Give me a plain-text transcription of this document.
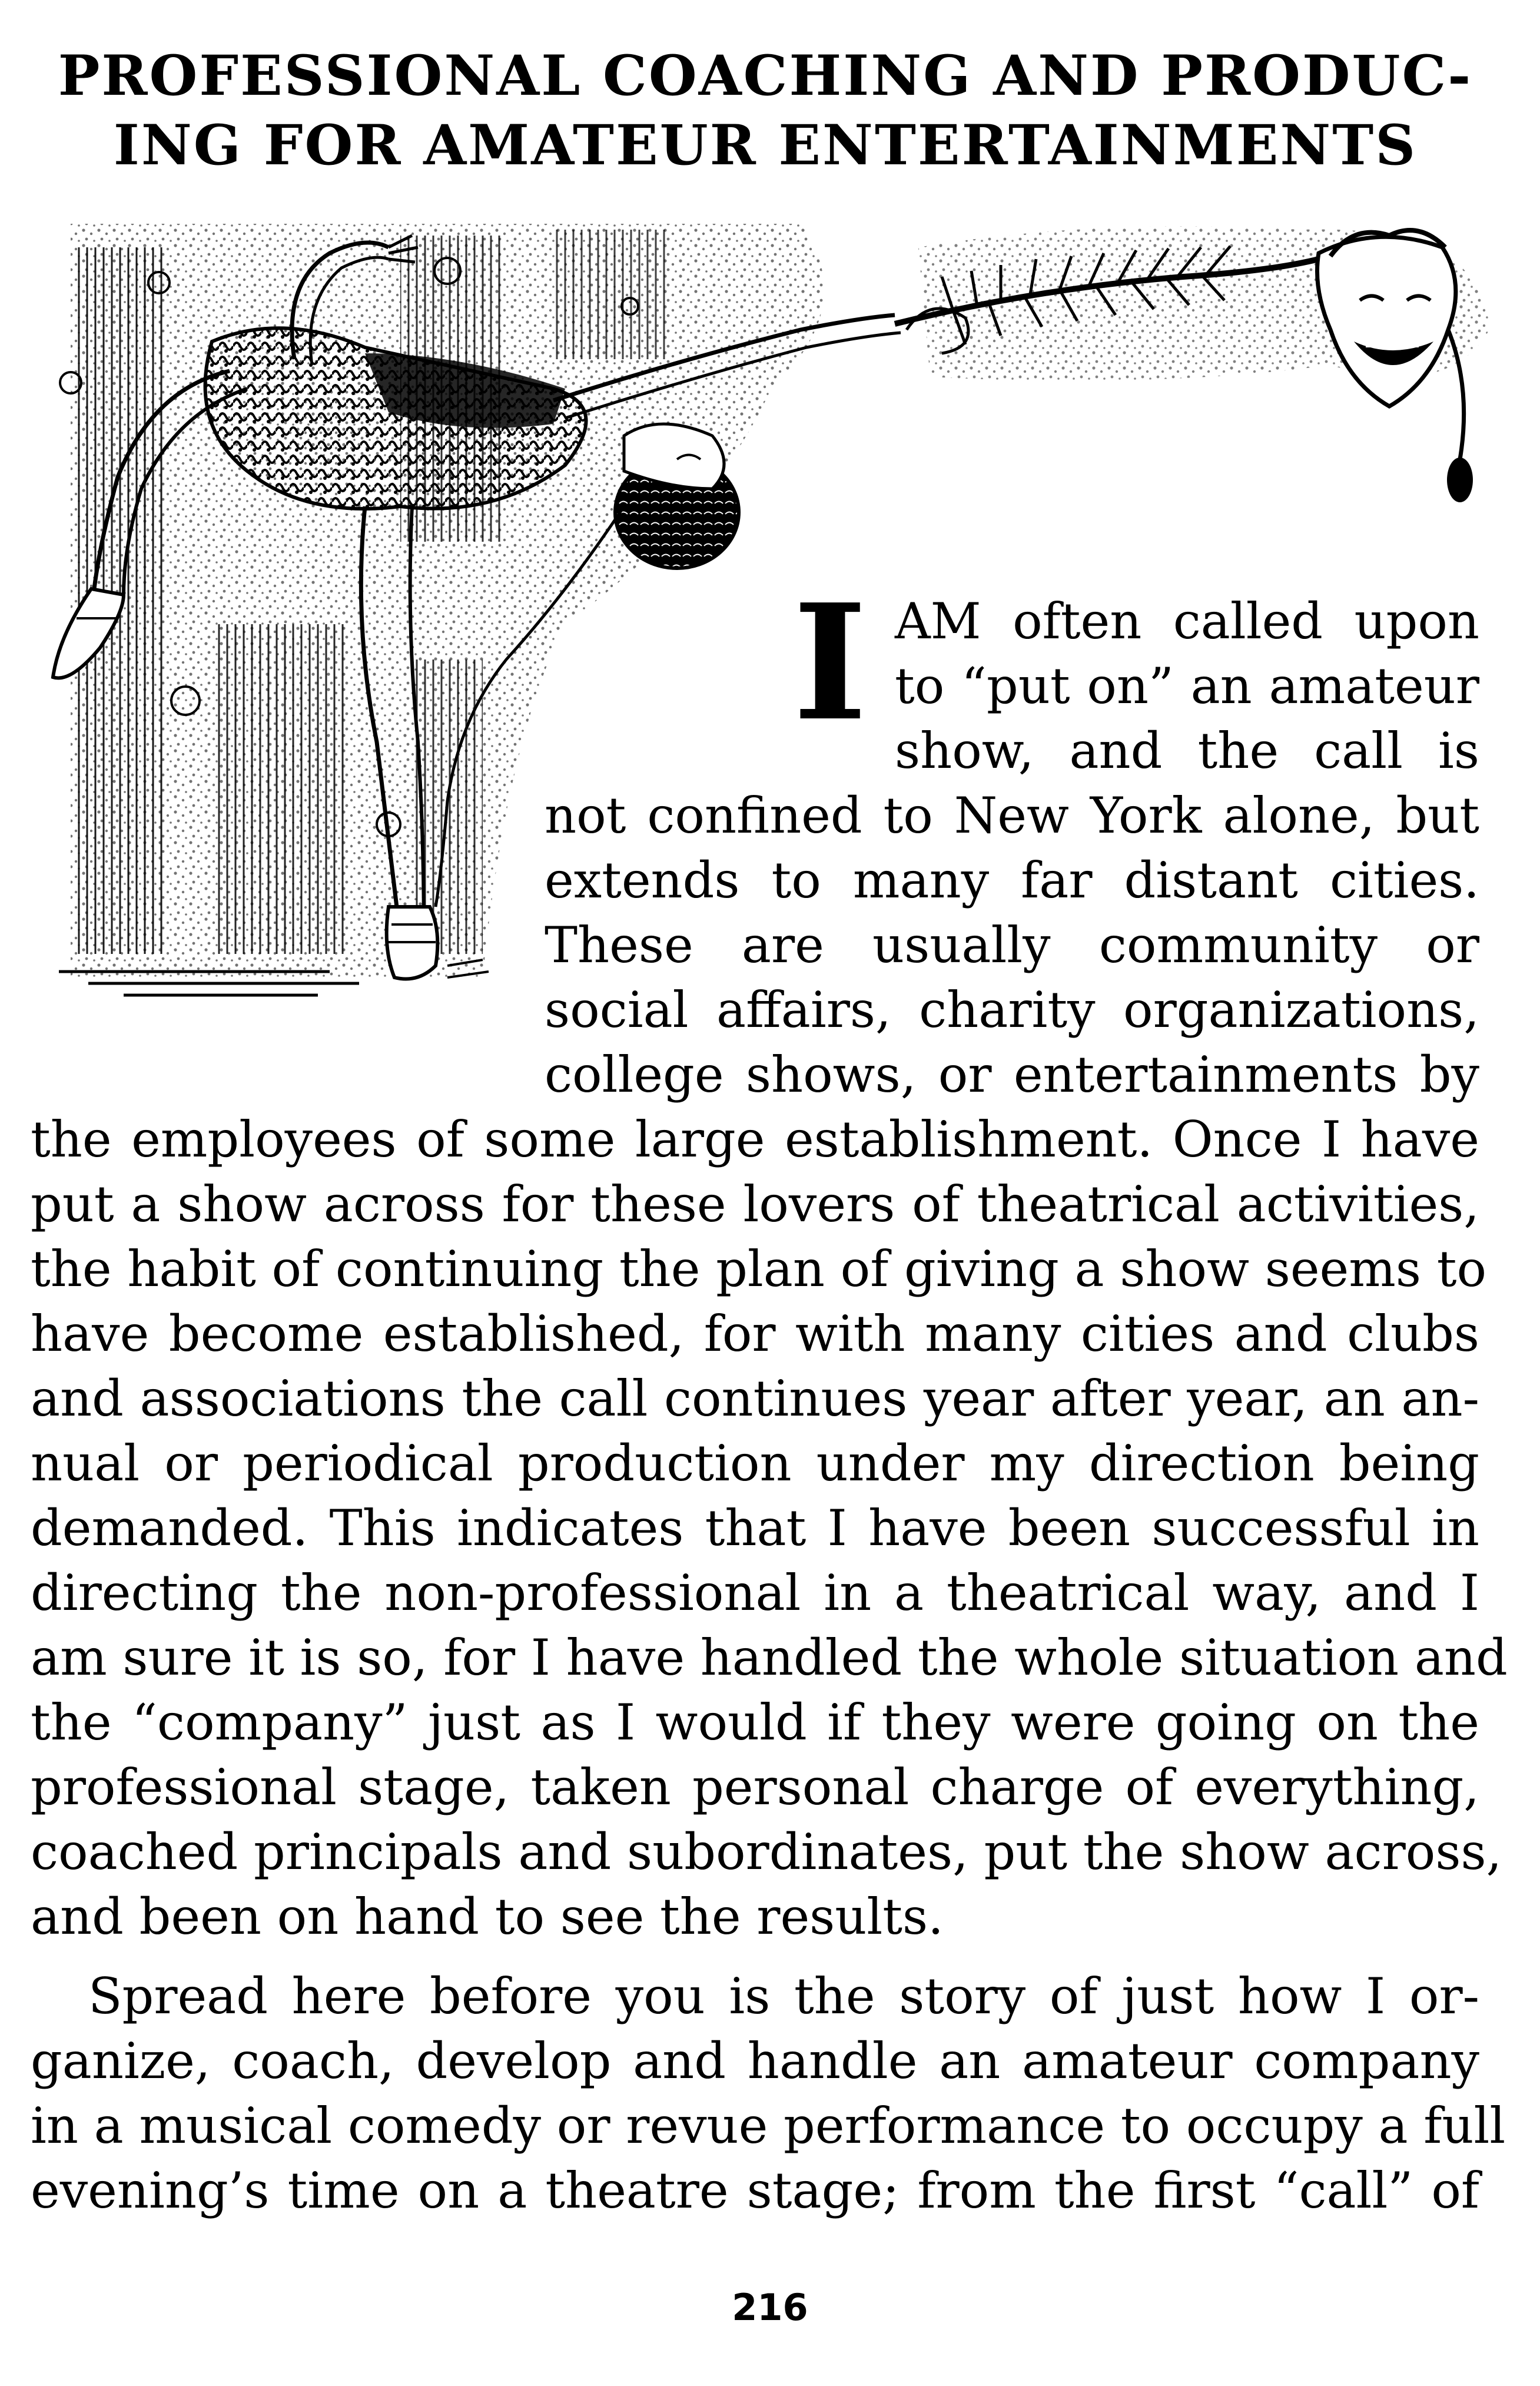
PROFESSIONAL COACHING AND PRODUC-
ING FOR AMATEUR ENTERTAINMENTS
I AM often called upon
to “put on” an amateur
show, and the call is
not confined to New York alone, but
extends to many far distant cities.
These are usually community or
social affairs, charity organizations,
college shows, or entertainments by
the employees of some large establishment. Once I have
put a show across for these lovers of theatrical activities,
the habit of continuing the plan of giving a show seems to
have become established, for with many cities and clubs
and associations the call continues year after year, an an-
nual or periodical production under my direction being
demanded. This indicates that I have been successful in
directing the non-professional in a theatrical way, and I
am sure it is so, for I have handled the whole situation and
the “company” just as I would if they were going on the
professional stage, taken personal charge of everything,
coached principals and subordinates, put the show across,
and been on hand to see the results.
Spread here before you is the story of just how I or-
ganize, coach, develop and handle an amateur company
in a musical comedy or revue performance to occupy a full
evening’s time on a theatre stage; from the first “call” of
216
